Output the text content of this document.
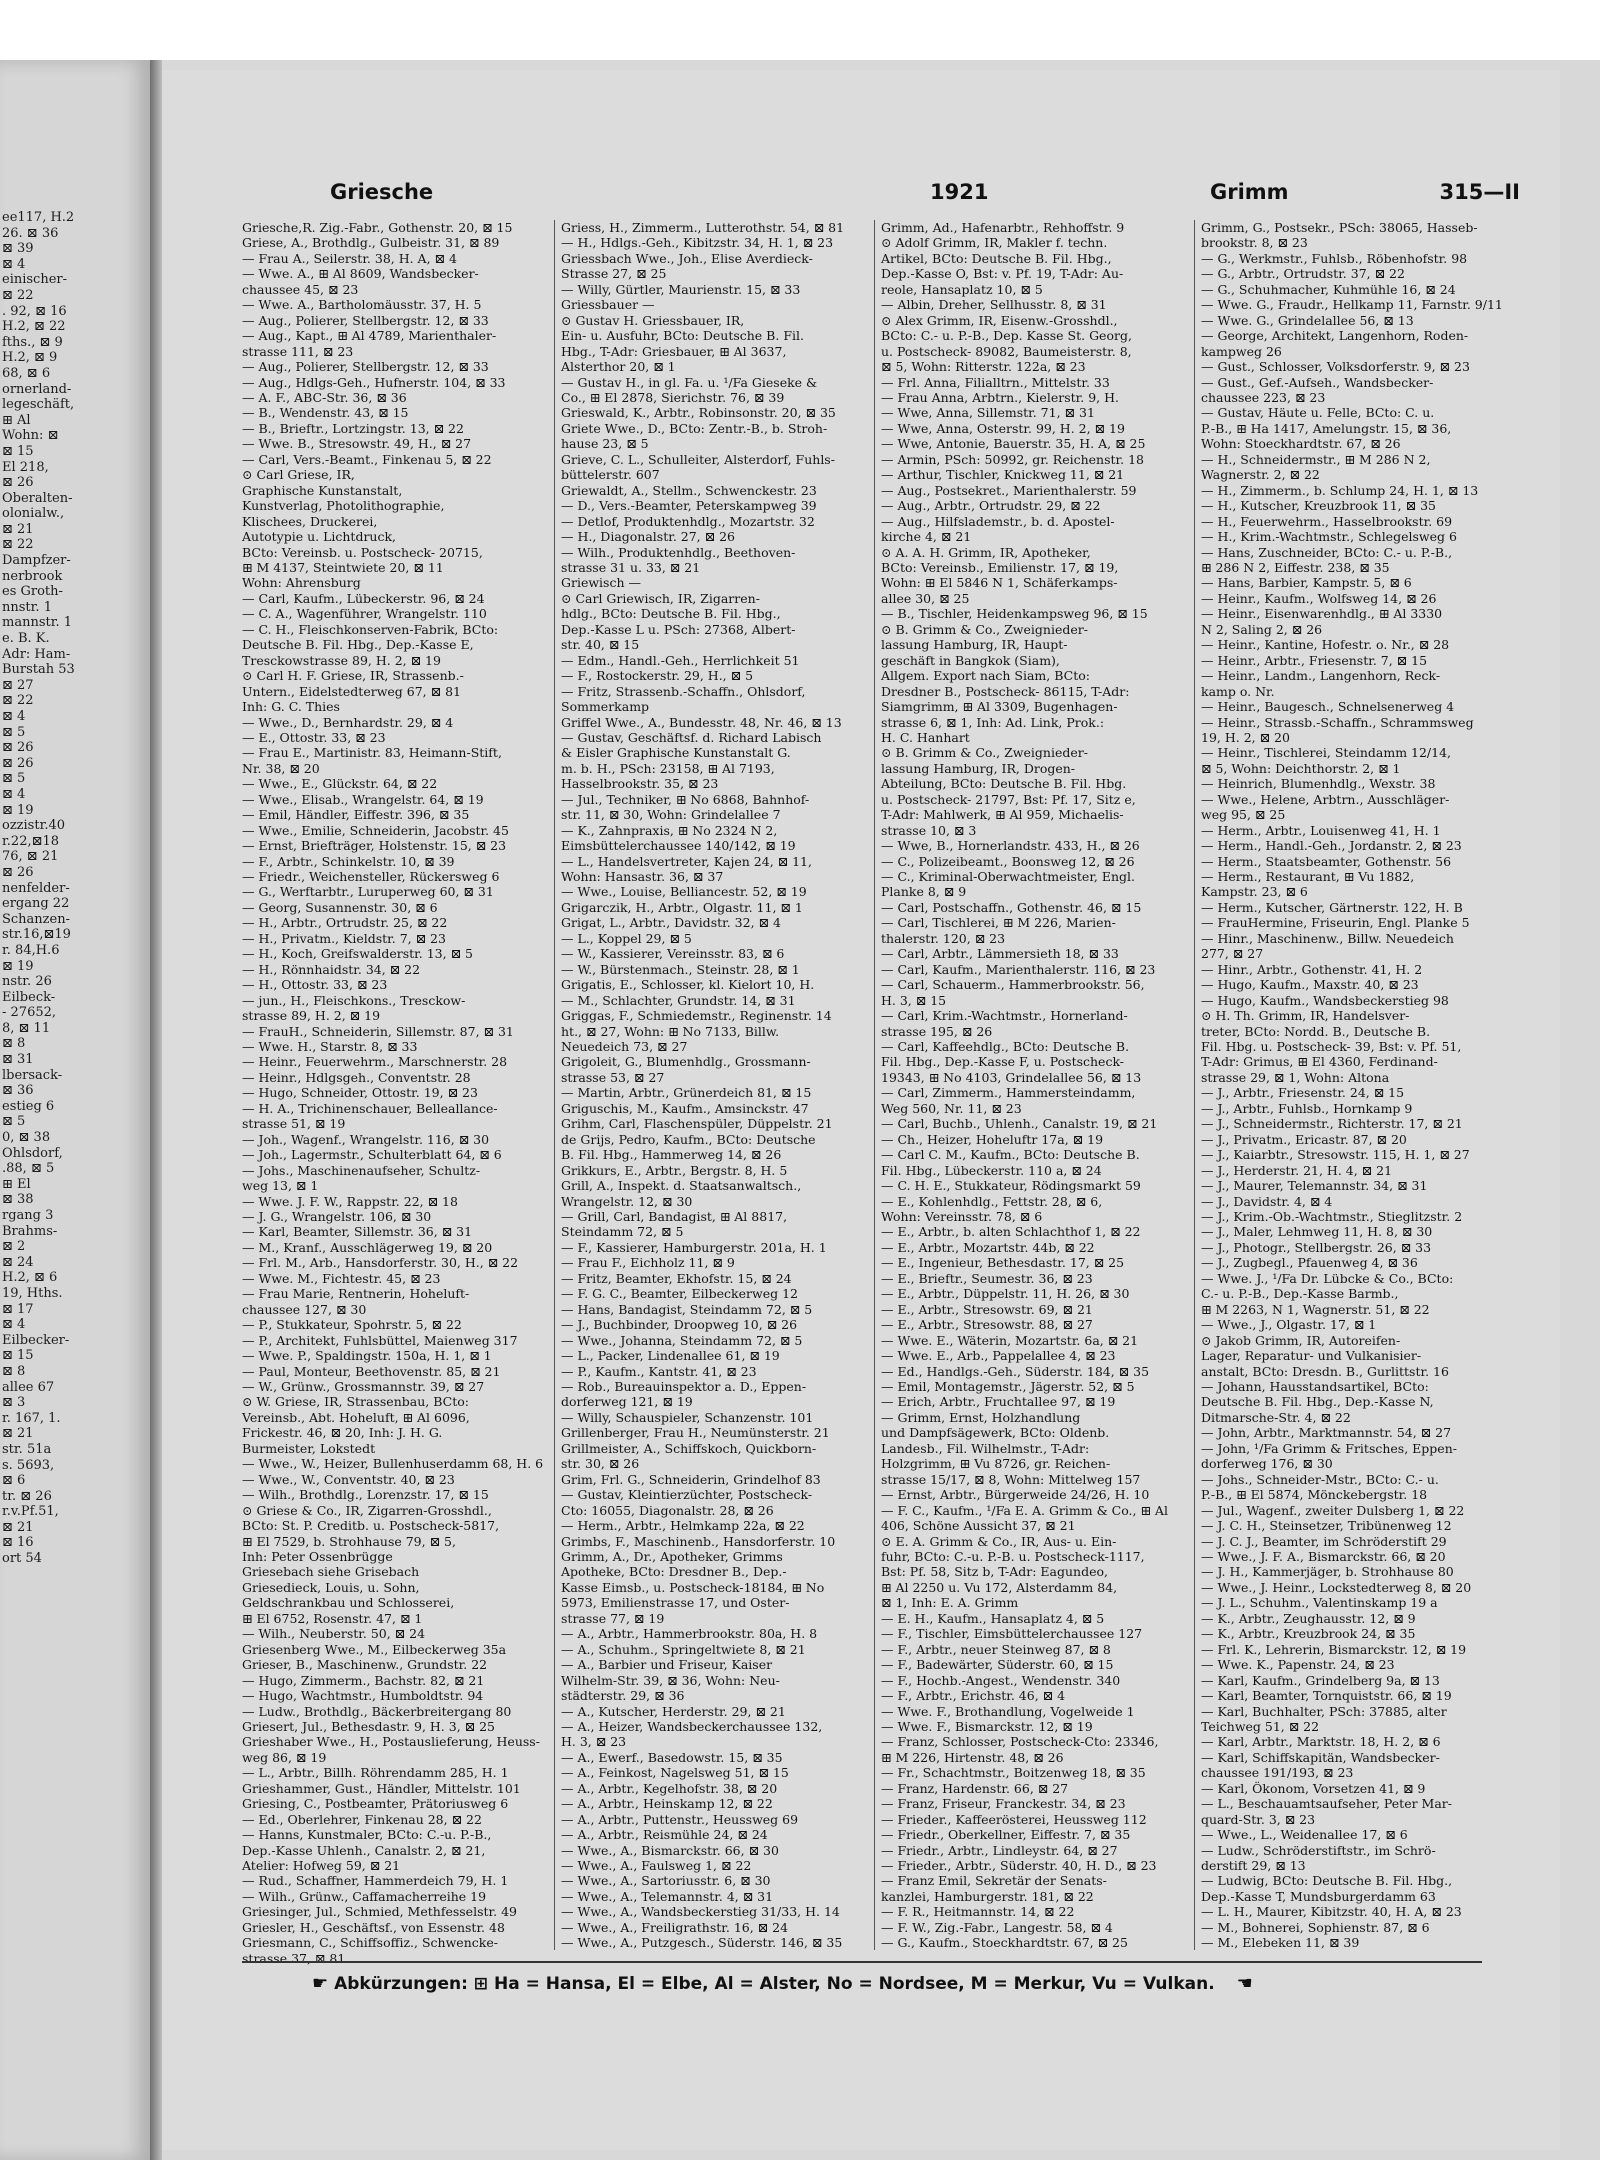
ee117, H.2
26. ⊠ 36
⊠ 39
⊠ 4
einischer-
⊠ 22
. 92, ⊠ 16
H.2, ⊠ 22
fths., ⊠ 9
H.2, ⊠ 9
68, ⊠ 6
ornerland-
legeschäft,
⊞ Al
Wohn: ⊠
⊠ 15
El 218,
⊠ 26
Oberalten-
olonialw.,
⊠ 21
⊠ 22
Dampfzer-
nerbrook
es Groth-
nnstr. 1
mannstr. 1
e. B. K.
Adr: Ham-
Burstah 53
⊠ 27
⊠ 22
⊠ 4
⊠ 5
⊠ 26
⊠ 26
⊠ 5
⊠ 4
⊠ 19
ozzistr.40
r.22,⊠18
76, ⊠ 21
⊠ 26
nenfelder-
ergang 22
Schanzen-
str.16,⊠19
r. 84,H.6
⊠ 19
nstr. 26
Eilbeck-
- 27652,
8, ⊠ 11
⊠ 8
⊠ 31
lbersack-
⊠ 36
estieg 6
⊠ 5
0, ⊠ 38
Ohlsdorf,
.88, ⊠ 5
⊞ El
⊠ 38
rgang 3
Brahms-
⊠ 2
⊠ 24
H.2, ⊠ 6
19, Hths.
⊠ 17
⊠ 4
Eilbecker-
⊠ 15
⊠ 8
allee 67
⊠ 3
r. 167, 1.
⊠ 21
str. 51a
s. 5693,
⊠ 6
tr. ⊠ 26
r.v.Pf.51,
⊠ 21
⊠ 16
ort 54
Griesche	1921	Grimm	315—II
Griesche,R. Zig.-Fabr., Gothenstr. 20, ⊠ 15
Griese, A., Brothdlg., Gulbeistr. 31, ⊠ 89
— Frau A., Seilerstr. 38, H. A, ⊠ 4
— Wwe. A., ⊞ Al 8609, Wandsbecker-
chaussee 45, ⊠ 23
— Wwe. A., Bartholomäusstr. 37, H. 5
— Aug., Polierer, Stellbergstr. 12, ⊠ 33
— Aug., Kapt., ⊞ Al 4789, Marienthaler-
strasse 111, ⊠ 23
— Aug., Polierer, Stellbergstr. 12, ⊠ 33
— Aug., Hdlgs-Geh., Hufnerstr. 104, ⊠ 33
— A. F., ABC-Str. 36, ⊠ 36
— B., Wendenstr. 43, ⊠ 15
— B., Brieftr., Lortzingstr. 13, ⊠ 22
— Wwe. B., Stresowstr. 49, H., ⊠ 27
— Carl, Vers.-Beamt., Finkenau 5, ⊠ 22
⊙ Carl Griese, IR,
Graphische Kunstanstalt,
Kunstverlag, Photolithographie,
Klischees, Druckerei,
Autotypie u. Lichtdruck,
BCto: Vereinsb. u. Postscheck- 20715,
⊞ M 4137, Steintwiete 20, ⊠ 11
Wohn: Ahrensburg
— Carl, Kaufm., Lübeckerstr. 96, ⊠ 24
— C. A., Wagenführer, Wrangelstr. 110
— C. H., Fleischkonserven-Fabrik, BCto:
Deutsche B. Fil. Hbg., Dep.-Kasse E,
Tresckowstrasse 89, H. 2, ⊠ 19
⊙ Carl H. F. Griese, IR, Strassenb.-
Untern., Eidelstedterweg 67, ⊠ 81
Inh: G. C. Thies
— Wwe., D., Bernhardstr. 29, ⊠ 4
— E., Ottostr. 33, ⊠ 23
— Frau E., Martinistr. 83, Heimann-Stift,
Nr. 38, ⊠ 20
— Wwe., E., Glückstr. 64, ⊠ 22
— Wwe., Elisab., Wrangelstr. 64, ⊠ 19
— Emil, Händler, Eiffestr. 396, ⊠ 35
— Wwe., Emilie, Schneiderin, Jacobstr. 45
— Ernst, Briefträger, Holstenstr. 15, ⊠ 23
— F., Arbtr., Schinkelstr. 10, ⊠ 39
— Friedr., Weichensteller, Rückersweg 6
— G., Werftarbtr., Luruperweg 60, ⊠ 31
— Georg, Susannenstr. 30, ⊠ 6
— H., Arbtr., Ortrudstr. 25, ⊠ 22
— H., Privatm., Kieldstr. 7, ⊠ 23
— H., Koch, Greifswalderstr. 13, ⊠ 5
— H., Rönnhaidstr. 34, ⊠ 22
— H., Ottostr. 33, ⊠ 23
— jun., H., Fleischkons., Tresckow-
strasse 89, H. 2, ⊠ 19
— FrauH., Schneiderin, Sillemstr. 87, ⊠ 31
— Wwe. H., Starstr. 8, ⊠ 33
— Heinr., Feuerwehrm., Marschnerstr. 28
— Heinr., Hdlgsgeh., Conventstr. 28
— Hugo, Schneider, Ottostr. 19, ⊠ 23
— H. A., Trichinenschauer, Belleallance-
strasse 51, ⊠ 19
— Joh., Wagenf., Wrangelstr. 116, ⊠ 30
— Joh., Lagermstr., Schulterblatt 64, ⊠ 6
— Johs., Maschinenaufseher, Schultz-
weg 13, ⊠ 1
— Wwe. J. F. W., Rappstr. 22, ⊠ 18
— J. G., Wrangelstr. 106, ⊠ 30
— Karl, Beamter, Sillemstr. 36, ⊠ 31
— M., Kranf., Ausschlägerweg 19, ⊠ 20
— Frl. M., Arb., Hansdorferstr. 30, H., ⊠ 22
— Wwe. M., Fichtestr. 45, ⊠ 23
— Frau Marie, Rentnerin, Hoheluft-
chaussee 127, ⊠ 30
— P., Stukkateur, Spohrstr. 5, ⊠ 22
— P., Architekt, Fuhlsbüttel, Maienweg 317
— Wwe. P., Spaldingstr. 150a, H. 1, ⊠ 1
— Paul, Monteur, Beethovenstr. 85, ⊠ 21
— W., Grünw., Grossmannstr. 39, ⊠ 27
⊙ W. Griese, IR, Strassenbau, BCto:
Vereinsb., Abt. Hoheluft, ⊞ Al 6096,
Frickestr. 46, ⊠ 20, Inh: J. H. G.
Burmeister, Lokstedt
— Wwe., W., Heizer, Bullenhuserdamm 68, H. 6
— Wwe., W., Conventstr. 40, ⊠ 23
— Wilh., Brothdlg., Lorenzstr. 17, ⊠ 15
⊙ Griese & Co., IR, Zigarren-Grosshdl.,
BCto: St. P. Creditb. u. Postscheck-5817,
⊞ El 7529, b. Strohhause 79, ⊠ 5,
Inh: Peter Ossenbrügge
Griesebach siehe Grisebach
Griesedieck, Louis, u. Sohn,
Geldschrankbau und Schlosserei,
⊞ El 6752, Rosenstr. 47, ⊠ 1
— Wilh., Neuberstr. 50, ⊠ 24
Griesenberg Wwe., M., Eilbeckerweg 35a
Grieser, B., Maschinenw., Grundstr. 22
— Hugo, Zimmerm., Bachstr. 82, ⊠ 21
— Hugo, Wachtmstr., Humboldtstr. 94
— Ludw., Brothdlg., Bäckerbreitergang 80
Griesert, Jul., Bethesdastr. 9, H. 3, ⊠ 25
Grieshaber Wwe., H., Postauslieferung, Heuss-
weg 86, ⊠ 19
— L., Arbtr., Billh. Röhrendamm 285, H. 1
Grieshammer, Gust., Händler, Mittelstr. 101
Griesing, C., Postbeamter, Prätoriusweg 6
— Ed., Oberlehrer, Finkenau 28, ⊠ 22
— Hanns, Kunstmaler, BCto: C.-u. P.-B.,
Dep.-Kasse Uhlenh., Canalstr. 2, ⊠ 21,
Atelier: Hofweg 59, ⊠ 21
— Rud., Schaffner, Hammerdeich 79, H. 1
— Wilh., Grünw., Caffamacherreihe 19
Griesinger, Jul., Schmied, Methfesselstr. 49
Griesler, H., Geschäftsf., von Essenstr. 48
Griesmann, C., Schiffsoffiz., Schwencke-
strasse 37, ⊠ 81
Griess, H., Zimmerm., Lutterothstr. 54, ⊠ 81
— H., Hdlgs.-Geh., Kibitzstr. 34, H. 1, ⊠ 23
Griessbach Wwe., Joh., Elise Averdieck-
Strasse 27, ⊠ 25
— Willy, Gürtler, Maurienstr. 15, ⊠ 33
Griessbauer —
⊙ Gustav H. Griessbauer, IR,
Ein- u. Ausfuhr, BCto: Deutsche B. Fil.
Hbg., T-Adr: Griesbauer, ⊞ Al 3637,
Alsterthor 20, ⊠ 1
— Gustav H., in gl. Fa. u. ¹/Fa Gieseke &
Co., ⊞ El 2878, Sierichstr. 76, ⊠ 39
Grieswald, K., Arbtr., Robinsonstr. 20, ⊠ 35
Griete Wwe., D., BCto: Zentr.-B., b. Stroh-
hause 23, ⊠ 5
Grieve, C. L., Schulleiter, Alsterdorf, Fuhls-
büttelerstr. 607
Griewaldt, A., Stellm., Schwenckestr. 23
— D., Vers.-Beamter, Peterskampweg 39
— Detlof, Produktenhdlg., Mozartstr. 32
— H., Diagonalstr. 27, ⊠ 26
— Wilh., Produktenhdlg., Beethoven-
strasse 31 u. 33, ⊠ 21
Griewisch —
⊙ Carl Griewisch, IR, Zigarren-
hdlg., BCto: Deutsche B. Fil. Hbg.,
Dep.-Kasse L u. PSch: 27368, Albert-
str. 40, ⊠ 15
— Edm., Handl.-Geh., Herrlichkeit 51
— F., Rostockerstr. 29, H., ⊠ 5
— Fritz, Strassenb.-Schaffn., Ohlsdorf,
Sommerkamp
Griffel Wwe., A., Bundesstr. 48, Nr. 46, ⊠ 13
— Gustav, Geschäftsf. d. Richard Labisch
& Eisler Graphische Kunstanstalt G.
m. b. H., PSch: 23158, ⊞ Al 7193,
Hasselbrookstr. 35, ⊠ 23
— Jul., Techniker, ⊞ No 6868, Bahnhof-
str. 11, ⊠ 30, Wohn: Grindelallee 7
— K., Zahnpraxis, ⊞ No 2324 N 2,
Eimsbüttelerchaussee 140/142, ⊠ 19
— L., Handelsvertreter, Kajen 24, ⊠ 11,
Wohn: Hansastr. 36, ⊠ 37
— Wwe., Louise, Belliancestr. 52, ⊠ 19
Grigarczik, H., Arbtr., Olgastr. 11, ⊠ 1
Grigat, L., Arbtr., Davidstr. 32, ⊠ 4
— L., Koppel 29, ⊠ 5
— W., Kassierer, Vereinsstr. 83, ⊠ 6
— W., Bürstenmach., Steinstr. 28, ⊠ 1
Grigatis, E., Schlosser, kl. Kielort 10, H.
— M., Schlachter, Grundstr. 14, ⊠ 31
Griggas, F., Schmiedemstr., Reginenstr. 14
ht., ⊠ 27, Wohn: ⊞ No 7133, Billw.
Neuedeich 73, ⊠ 27
Grigoleit, G., Blumenhdlg., Grossmann-
strasse 53, ⊠ 27
— Martin, Arbtr., Grünerdeich 81, ⊠ 15
Griguschis, M., Kaufm., Amsinckstr. 47
Grihm, Carl, Flaschenspüler, Düppelstr. 21
de Grijs, Pedro, Kaufm., BCto: Deutsche
B. Fil. Hbg., Hammerweg 14, ⊠ 26
Grikkurs, E., Arbtr., Bergstr. 8, H. 5
Grill, A., Inspekt. d. Staatsanwaltsch.,
Wrangelstr. 12, ⊠ 30
— Grill, Carl, Bandagist, ⊞ Al 8817,
Steindamm 72, ⊠ 5
— F., Kassierer, Hamburgerstr. 201a, H. 1
— Frau F., Eichholz 11, ⊠ 9
— Fritz, Beamter, Ekhofstr. 15, ⊠ 24
— F. G. C., Beamter, Eilbeckerweg 12
— Hans, Bandagist, Steindamm 72, ⊠ 5
— J., Buchbinder, Droopweg 10, ⊠ 26
— Wwe., Johanna, Steindamm 72, ⊠ 5
— L., Packer, Lindenallee 61, ⊠ 19
— P., Kaufm., Kantstr. 41, ⊠ 23
— Rob., Bureauinspektor a. D., Eppen-
dorferweg 121, ⊠ 19
— Willy, Schauspieler, Schanzenstr. 101
Grillenberger, Frau H., Neumünsterstr. 21
Grillmeister, A., Schiffskoch, Quickborn-
str. 30, ⊠ 26
Grim, Frl. G., Schneiderin, Grindelhof 83
— Gustav, Kleintierzüchter, Postscheck-
Cto: 16055, Diagonalstr. 28, ⊠ 26
— Herm., Arbtr., Helmkamp 22a, ⊠ 22
Grimbs, F., Maschinenb., Hansdorferstr. 10
Grimm, A., Dr., Apotheker, Grimms
Apotheke, BCto: Dresdner B., Dep.-
Kasse Eimsb., u. Postscheck-18184, ⊞ No
5973, Emilienstrasse 17, und Oster-
strasse 77, ⊠ 19
— A., Arbtr., Hammerbrookstr. 80a, H. 8
— A., Schuhm., Springeltwiete 8, ⊠ 21
— A., Barbier und Friseur, Kaiser
Wilhelm-Str. 39, ⊠ 36, Wohn: Neu-
städterstr. 29, ⊠ 36
— A., Kutscher, Herderstr. 29, ⊠ 21
— A., Heizer, Wandsbeckerchaussee 132,
H. 3, ⊠ 23
— A., Ewerf., Basedowstr. 15, ⊠ 35
— A., Feinkost, Nagelsweg 51, ⊠ 15
— A., Arbtr., Kegelhofstr. 38, ⊠ 20
— A., Arbtr., Heinskamp 12, ⊠ 22
— A., Arbtr., Puttenstr., Heussweg 69
— A., Arbtr., Reismühle 24, ⊠ 24
— Wwe., A., Bismarckstr. 66, ⊠ 30
— Wwe., A., Faulsweg 1, ⊠ 22
— Wwe., A., Sartoriusstr. 6, ⊠ 30
— Wwe., A., Telemannstr. 4, ⊠ 31
— Wwe., A., Wandsbeckerstieg 31/33, H. 14
— Wwe., A., Freiligrathstr. 16, ⊠ 24
— Wwe., A., Putzgesch., Süderstr. 146, ⊠ 35
Grimm, Ad., Hafenarbtr., Rehhoffstr. 9
⊙ Adolf Grimm, IR, Makler f. techn.
Artikel, BCto: Deutsche B. Fil. Hbg.,
Dep.-Kasse O, Bst: v. Pf. 19, T-Adr: Au-
reole, Hansaplatz 10, ⊠ 5
— Albin, Dreher, Sellhusstr. 8, ⊠ 31
⊙ Alex Grimm, IR, Eisenw.-Grosshdl.,
BCto: C.- u. P.-B., Dep. Kasse St. Georg,
u. Postscheck- 89082, Baumeisterstr. 8,
⊠ 5, Wohn: Ritterstr. 122a, ⊠ 23
— Frl. Anna, Filialltrn., Mittelstr. 33
— Frau Anna, Arbtrn., Kielerstr. 9, H.
— Wwe, Anna, Sillemstr. 71, ⊠ 31
— Wwe, Anna, Osterstr. 99, H. 2, ⊠ 19
— Wwe, Antonie, Bauerstr. 35, H. A, ⊠ 25
— Armin, PSch: 50992, gr. Reichenstr. 18
— Arthur, Tischler, Knickweg 11, ⊠ 21
— Aug., Postsekret., Marienthalerstr. 59
— Aug., Arbtr., Ortrudstr. 29, ⊠ 22
— Aug., Hilfslademstr., b. d. Apostel-
kirche 4, ⊠ 21
⊙ A. A. H. Grimm, IR, Apotheker,
BCto: Vereinsb., Emilienstr. 17, ⊠ 19,
Wohn: ⊞ El 5846 N 1, Schäferkamps-
allee 30, ⊠ 25
— B., Tischler, Heidenkampsweg 96, ⊠ 15
⊙ B. Grimm & Co., Zweignieder-
lassung Hamburg, IR, Haupt-
geschäft in Bangkok (Siam),
Allgem. Export nach Siam, BCto:
Dresdner B., Postscheck- 86115, T-Adr:
Siamgrimm, ⊞ Al 3309, Bugenhagen-
strasse 6, ⊠ 1, Inh: Ad. Link, Prok.:
H. C. Hanhart
⊙ B. Grimm & Co., Zweignieder-
lassung Hamburg, IR, Drogen-
Abteilung, BCto: Deutsche B. Fil. Hbg.
u. Postscheck- 21797, Bst: Pf. 17, Sitz e,
T-Adr: Mahlwerk, ⊞ Al 959, Michaelis-
strasse 10, ⊠ 3
— Wwe, B., Hornerlandstr. 433, H., ⊠ 26
— C., Polizeibeamt., Boonsweg 12, ⊠ 26
— C., Kriminal-Oberwachtmeister, Engl.
Planke 8, ⊠ 9
— Carl, Postschaffn., Gothenstr. 46, ⊠ 15
— Carl, Tischlerei, ⊞ M 226, Marien-
thalerstr. 120, ⊠ 23
— Carl, Arbtr., Lämmersieth 18, ⊠ 33
— Carl, Kaufm., Marienthalerstr. 116, ⊠ 23
— Carl, Schauerm., Hammerbrookstr. 56,
H. 3, ⊠ 15
— Carl, Krim.-Wachtmstr., Hornerland-
strasse 195, ⊠ 26
— Carl, Kaffeehdlg., BCto: Deutsche B.
Fil. Hbg., Dep.-Kasse F, u. Postscheck-
19343, ⊞ No 4103, Grindelallee 56, ⊠ 13
— Carl, Zimmerm., Hammersteindamm,
Weg 560, Nr. 11, ⊠ 23
— Carl, Buchb., Uhlenh., Canalstr. 19, ⊠ 21
— Ch., Heizer, Hoheluftr 17a, ⊠ 19
— Carl C. M., Kaufm., BCto: Deutsche B.
Fil. Hbg., Lübeckerstr. 110 a, ⊠ 24
— C. H. E., Stukkateur, Rödingsmarkt 59
— E., Kohlenhdlg., Fettstr. 28, ⊠ 6,
Wohn: Vereinsstr. 78, ⊠ 6
— E., Arbtr., b. alten Schlachthof 1, ⊠ 22
— E., Arbtr., Mozartstr. 44b, ⊠ 22
— E., Ingenieur, Bethesdastr. 17, ⊠ 25
— E., Brieftr., Seumestr. 36, ⊠ 23
— E., Arbtr., Düppelstr. 11, H. 26, ⊠ 30
— E., Arbtr., Stresowstr. 69, ⊠ 21
— E., Arbtr., Stresowstr. 88, ⊠ 27
— Wwe. E., Wäterin, Mozartstr. 6a, ⊠ 21
— Wwe. E., Arb., Pappelallee 4, ⊠ 23
— Ed., Handlgs.-Geh., Süderstr. 184, ⊠ 35
— Emil, Montagemstr., Jägerstr. 52, ⊠ 5
— Erich, Arbtr., Fruchtallee 97, ⊠ 19
— Grimm, Ernst, Holzhandlung
und Dampfsägewerk, BCto: Oldenb.
Landesb., Fil. Wilhelmstr., T-Adr:
Holzgrimm, ⊞ Vu 8726, gr. Reichen-
strasse 15/17, ⊠ 8, Wohn: Mittelweg 157
— Ernst, Arbtr., Bürgerweide 24/26, H. 10
— F. C., Kaufm., ¹/Fa E. A. Grimm & Co., ⊞ Al
406, Schöne Aussicht 37, ⊠ 21
⊙ E. A. Grimm & Co., IR, Aus- u. Ein-
fuhr, BCto: C.-u. P.-B. u. Postscheck-1117,
Bst: Pf. 58, Sitz b, T-Adr: Eagundeo,
⊞ Al 2250 u. Vu 172, Alsterdamm 84,
⊠ 1, Inh: E. A. Grimm
— E. H., Kaufm., Hansaplatz 4, ⊠ 5
— F., Tischler, Eimsbüttelerchaussee 127
— F., Arbtr., neuer Steinweg 87, ⊠ 8
— F., Badewärter, Süderstr. 60, ⊠ 15
— F., Hochb.-Angest., Wendenstr. 340
— F., Arbtr., Erichstr. 46, ⊠ 4
— Wwe. F., Brothandlung, Vogelweide 1
— Wwe. F., Bismarckstr. 12, ⊠ 19
— Franz, Schlosser, Postscheck-Cto: 23346,
⊞ M 226, Hirtenstr. 48, ⊠ 26
— Fr., Schachtmstr., Boitzenweg 18, ⊠ 35
— Franz, Hardenstr. 66, ⊠ 27
— Franz, Friseur, Franckestr. 34, ⊠ 23
— Frieder., Kaffeerösterei, Heussweg 112
— Friedr., Oberkellner, Eiffestr. 7, ⊠ 35
— Friedr., Arbtr., Lindleystr. 64, ⊠ 27
— Frieder., Arbtr., Süderstr. 40, H. D., ⊠ 23
— Franz Emil, Sekretär der Senats-
kanzlei, Hamburgerstr. 181, ⊠ 22
— F. R., Heitmannstr. 14, ⊠ 22
— F. W., Zig.-Fabr., Langestr. 58, ⊠ 4
— G., Kaufm., Stoeckhardtstr. 67, ⊠ 25
Grimm, G., Postsekr., PSch: 38065, Hasseb-
brookstr. 8, ⊠ 23
— G., Werkmstr., Fuhlsb., Röbenhofstr. 98
— G., Arbtr., Ortrudstr. 37, ⊠ 22
— G., Schuhmacher, Kuhmühle 16, ⊠ 24
— Wwe. G., Fraudr., Hellkamp 11, Farnstr. 9/11
— Wwe. G., Grindelallee 56, ⊠ 13
— George, Architekt, Langenhorn, Roden-
kampweg 26
— Gust., Schlosser, Volksdorferstr. 9, ⊠ 23
— Gust., Gef.-Aufseh., Wandsbecker-
chaussee 223, ⊠ 23
— Gustav, Häute u. Felle, BCto: C. u.
P.-B., ⊞ Ha 1417, Amelungstr. 15, ⊠ 36,
Wohn: Stoeckhardtstr. 67, ⊠ 26
— H., Schneidermstr., ⊞ M 286 N 2,
Wagnerstr. 2, ⊠ 22
— H., Zimmerm., b. Schlump 24, H. 1, ⊠ 13
— H., Kutscher, Kreuzbrook 11, ⊠ 35
— H., Feuerwehrm., Hasselbrookstr. 69
— H., Krim.-Wachtmstr., Schlegelsweg 6
— Hans, Zuschneider, BCto: C.- u. P.-B.,
⊞ 286 N 2, Eiffestr. 238, ⊠ 35
— Hans, Barbier, Kampstr. 5, ⊠ 6
— Heinr., Kaufm., Wolfsweg 14, ⊠ 26
— Heinr., Eisenwarenhdlg., ⊞ Al 3330
N 2, Saling 2, ⊠ 26
— Heinr., Kantine, Hofestr. o. Nr., ⊠ 28
— Heinr., Arbtr., Friesenstr. 7, ⊠ 15
— Heinr., Landm., Langenhorn, Reck-
kamp o. Nr.
— Heinr., Baugesch., Schnelsenerweg 4
— Heinr., Strassb.-Schaffn., Schrammsweg
19, H. 2, ⊠ 20
— Heinr., Tischlerei, Steindamm 12/14,
⊠ 5, Wohn: Deichthorstr. 2, ⊠ 1
— Heinrich, Blumenhdlg., Wexstr. 38
— Wwe., Helene, Arbtrn., Ausschläger-
weg 95, ⊠ 25
— Herm., Arbtr., Louisenweg 41, H. 1
— Herm., Handl.-Geh., Jordanstr. 2, ⊠ 23
— Herm., Staatsbeamter, Gothenstr. 56
— Herm., Restaurant, ⊞ Vu 1882,
Kampstr. 23, ⊠ 6
— Herm., Kutscher, Gärtnerstr. 122, H. B
— FrauHermine, Friseurin, Engl. Planke 5
— Hinr., Maschinenw., Billw. Neuedeich
277, ⊠ 27
— Hinr., Arbtr., Gothenstr. 41, H. 2
— Hugo, Kaufm., Maxstr. 40, ⊠ 23
— Hugo, Kaufm., Wandsbeckerstieg 98
⊙ H. Th. Grimm, IR, Handelsver-
treter, BCto: Nordd. B., Deutsche B.
Fil. Hbg. u. Postscheck- 39, Bst: v. Pf. 51,
T-Adr: Grimus, ⊞ El 4360, Ferdinand-
strasse 29, ⊠ 1, Wohn: Altona
— J., Arbtr., Friesenstr. 24, ⊠ 15
— J., Arbtr., Fuhlsb., Hornkamp 9
— J., Schneidermstr., Richterstr. 17, ⊠ 21
— J., Privatm., Ericastr. 87, ⊠ 20
— J., Kaiarbtr., Stresowstr. 115, H. 1, ⊠ 27
— J., Herderstr. 21, H. 4, ⊠ 21
— J., Maurer, Telemannstr. 34, ⊠ 31
— J., Davidstr. 4, ⊠ 4
— J., Krim.-Ob.-Wachtmstr., Stieglitzstr. 2
— J., Maler, Lehmweg 11, H. 8, ⊠ 30
— J., Photogr., Stellbergstr. 26, ⊠ 33
— J., Zugbegl., Pfauenweg 4, ⊠ 36
— Wwe. J., ¹/Fa Dr. Lübcke & Co., BCto:
C.- u. P.-B., Dep.-Kasse Barmb.,
⊞ M 2263, N 1, Wagnerstr. 51, ⊠ 22
— Wwe., J., Olgastr. 17, ⊠ 1
⊙ Jakob Grimm, IR, Autoreifen-
Lager, Reparatur- und Vulkanisier-
anstalt, BCto: Dresdn. B., Gurlittstr. 16
— Johann, Hausstandsartikel, BCto:
Deutsche B. Fil. Hbg., Dep.-Kasse N,
Ditmarsche-Str. 4, ⊠ 22
— John, Arbtr., Marktmannstr. 54, ⊠ 27
— John, ¹/Fa Grimm & Fritsches, Eppen-
dorferweg 176, ⊠ 30
— Johs., Schneider-Mstr., BCto: C.- u.
P.-B., ⊞ El 5874, Mönckebergstr. 18
— Jul., Wagenf., zweiter Dulsberg 1, ⊠ 22
— J. C. H., Steinsetzer, Tribünenweg 12
— J. C. J., Beamter, im Schröderstift 29
— Wwe., J. F. A., Bismarckstr. 66, ⊠ 20
— J. H., Kammerjäger, b. Strohhause 80
— Wwe., J. Heinr., Lockstedterweg 8, ⊠ 20
— J. L., Schuhm., Valentinskamp 19 a
— K., Arbtr., Zeughausstr. 12, ⊠ 9
— K., Arbtr., Kreuzbrook 24, ⊠ 35
— Frl. K., Lehrerin, Bismarckstr. 12, ⊠ 19
— Wwe. K., Papenstr. 24, ⊠ 23
— Karl, Kaufm., Grindelberg 9a, ⊠ 13
— Karl, Beamter, Tornquiststr. 66, ⊠ 19
— Karl, Buchhalter, PSch: 37885, alter
Teichweg 51, ⊠ 22
— Karl, Arbtr., Marktstr. 18, H. 2, ⊠ 6
— Karl, Schiffskapitän, Wandsbecker-
chaussee 191/193, ⊠ 23
— Karl, Ökonom, Vorsetzen 41, ⊠ 9
— L., Beschauamtsaufseher, Peter Mar-
quard-Str. 3, ⊠ 23
— Wwe., L., Weidenallee 17, ⊠ 6
— Ludw., Schröderstiftstr., im Schrö-
derstift 29, ⊠ 13
— Ludwig, BCto: Deutsche B. Fil. Hbg.,
Dep.-Kasse T, Mundsburgerdamm 63
— L. H., Maurer, Kibitzstr. 40, H. A, ⊠ 23
— M., Bohnerei, Sophienstr. 87, ⊠ 6
— M., Elebeken 11, ⊠ 39
☛ Abkürzungen: ⊞ Ha = Hansa, El = Elbe, Al = Alster, No = Nordsee, M = Merkur, Vu = Vulkan. ☚
